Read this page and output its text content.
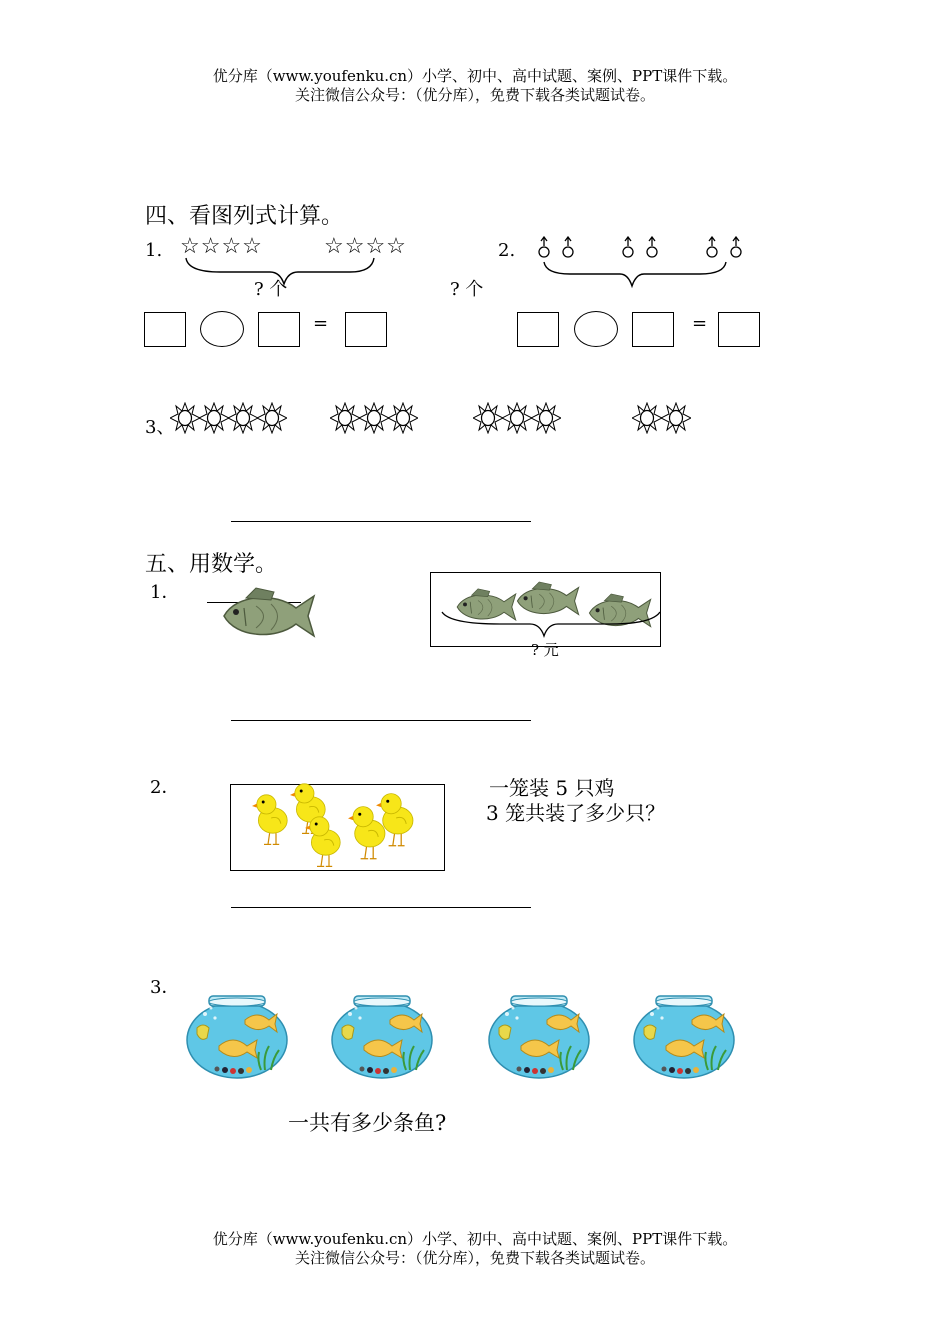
优分库（www.youfenku.cn）小学、初中、高中试题、案例、PPT课件下载。
关注微信公众号：（优分库），免费下载各类试题试卷。
四、看图列式计算。
1. ☆☆☆☆	☆☆☆☆
? 个
2.
? 个
=	=
3、
五、用数学。
1．
? 元
2．	一笼装 5 只鸡
3 笼共装了多少只？
3．
一共有多少条鱼?
优分库（www.youfenku.cn）小学、初中、高中试题、案例、PPT课件下载。
关注微信公众号：（优分库），免费下载各类试题试卷。
